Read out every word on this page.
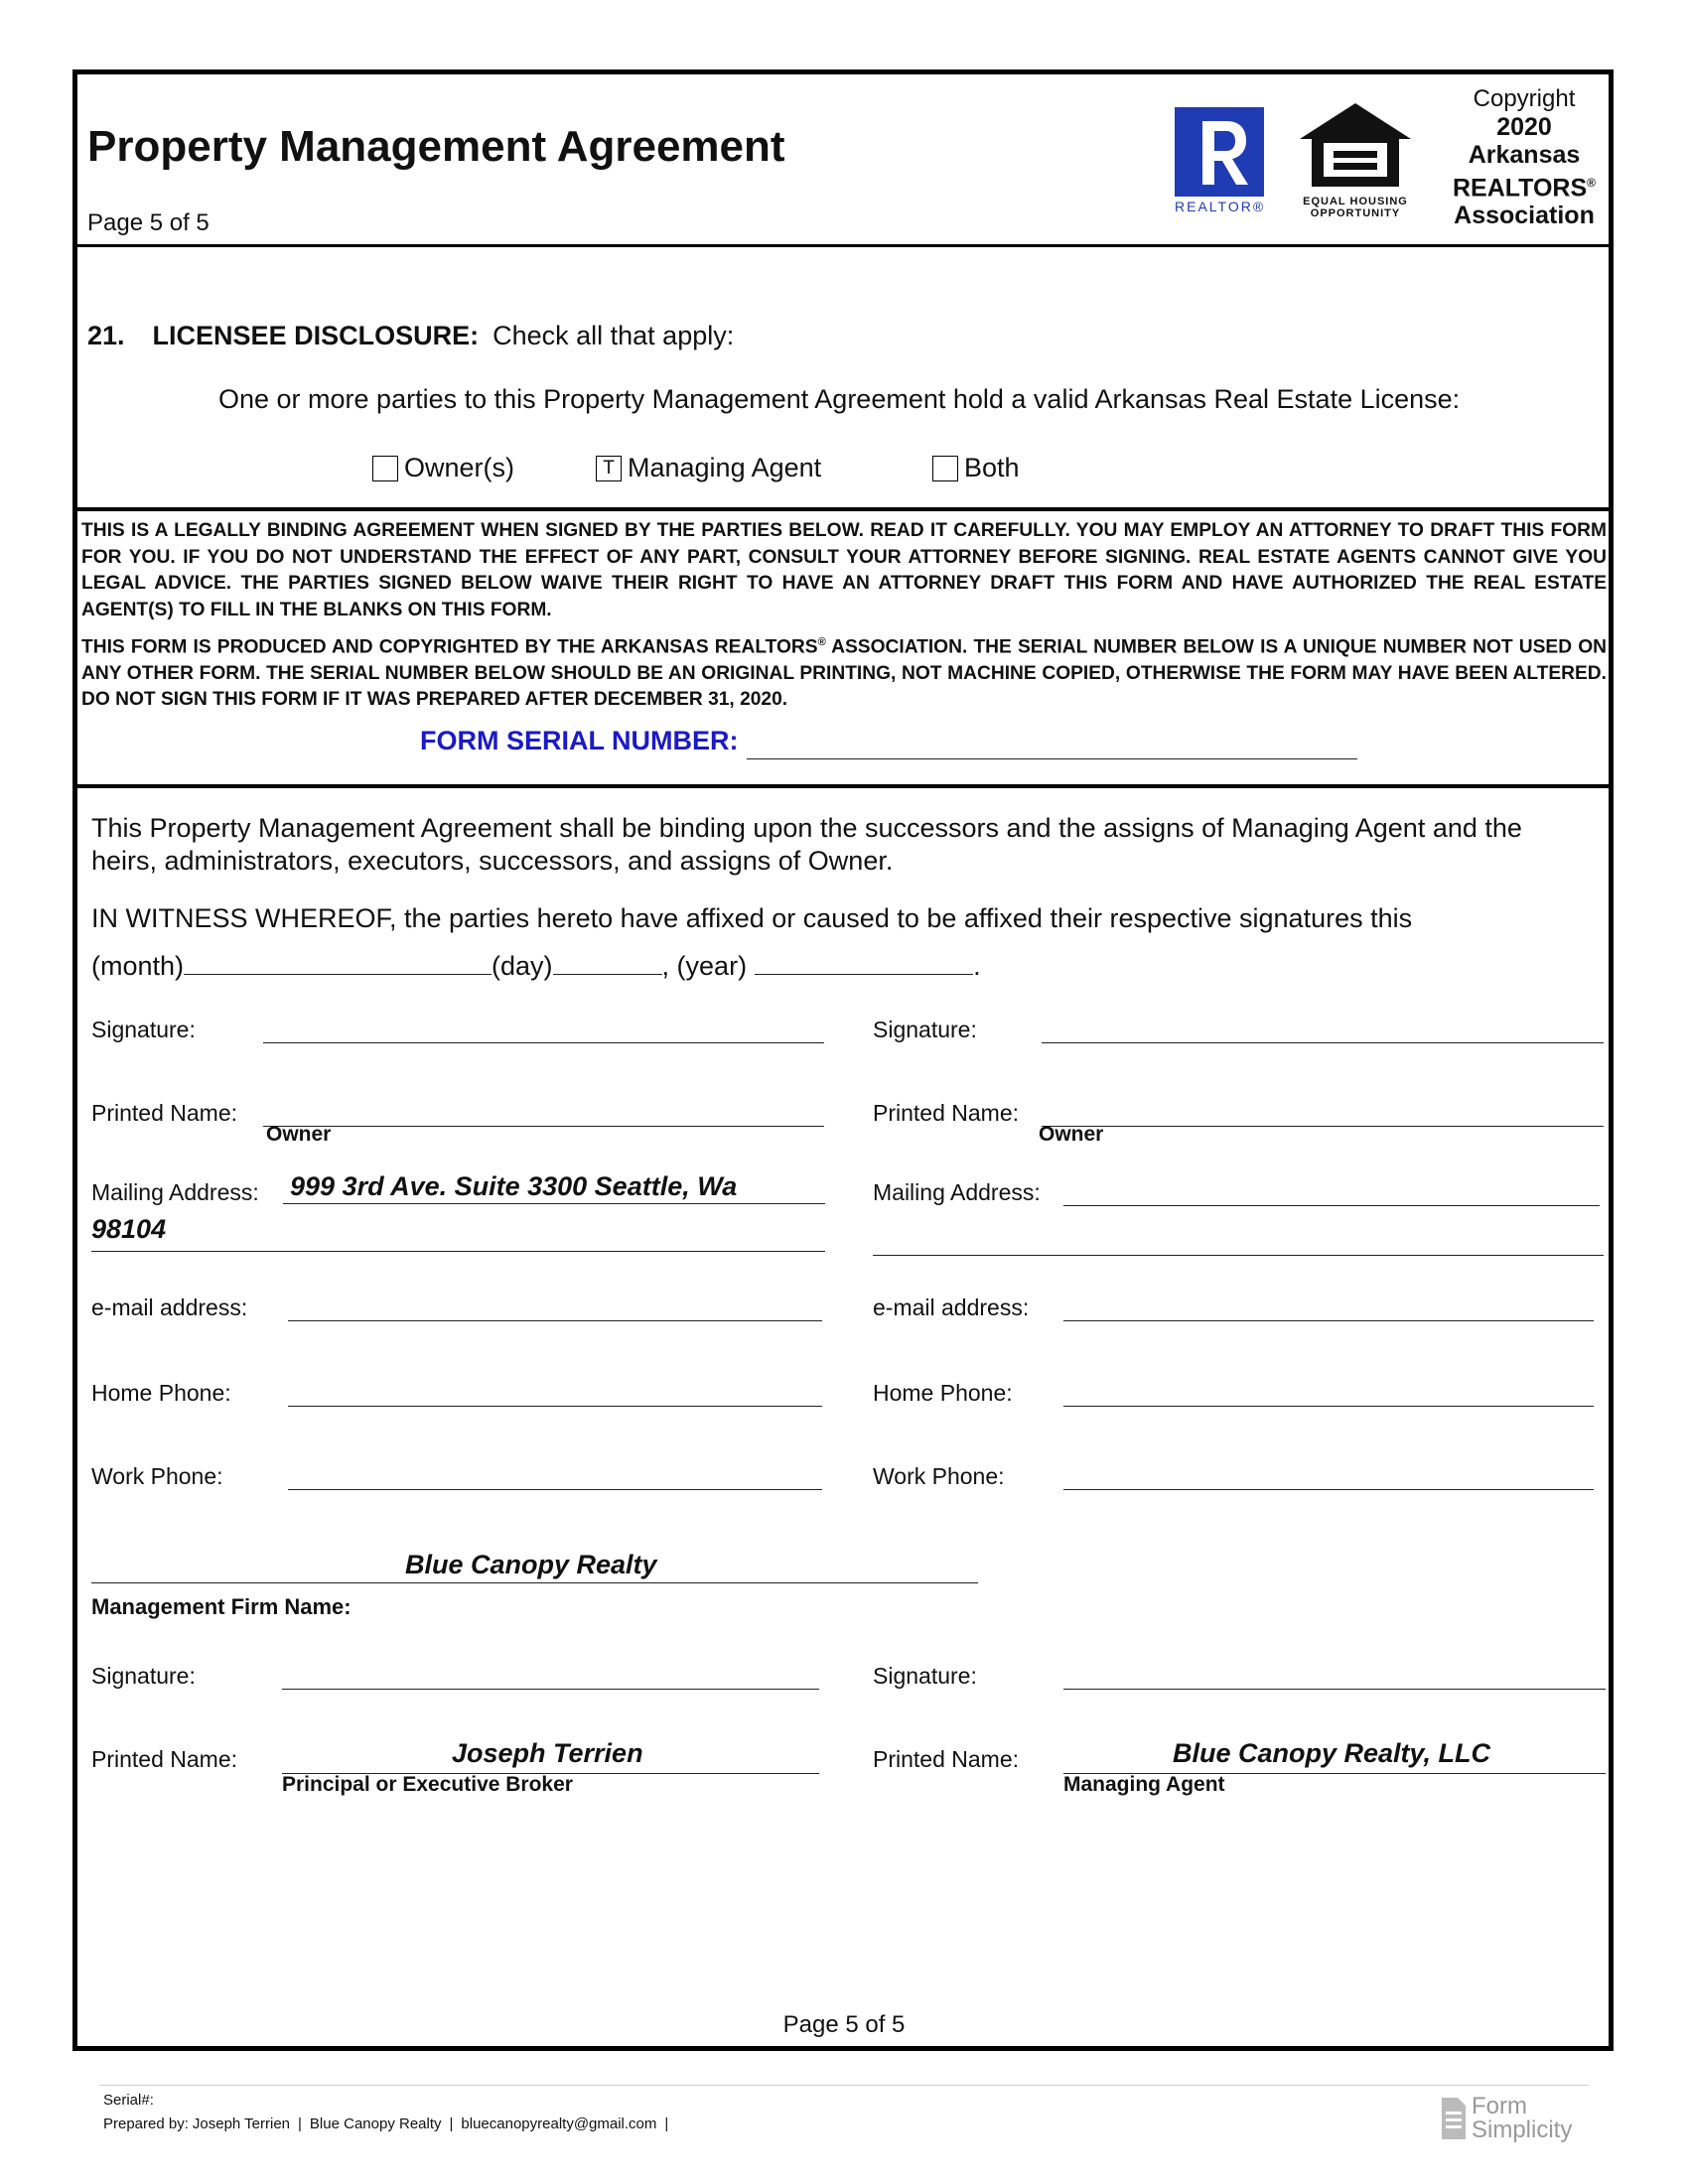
Property Management Agreement
Page 5 of 5
REALTOR®	EQUAL HOUSING
OPPORTUNITY
Copyright
2020
Arkansas
REALTORS®
Association
21. LICENSEE DISCLOSURE: Check all that apply:
One or more parties to this Property Management Agreement hold a valid Arkansas Real Estate License:
Owner(s)	T Managing Agent	Both

THIS IS A LEGALLY BINDING AGREEMENT WHEN SIGNED BY THE PARTIES BELOW. READ IT CAREFULLY. YOU MAY EMPLOY AN ATTORNEY TO DRAFT THIS FORM FOR YOU. IF YOU DO NOT UNDERSTAND THE EFFECT OF ANY PART, CONSULT YOUR ATTORNEY BEFORE SIGNING. REAL ESTATE AGENTS CANNOT GIVE YOU LEGAL ADVICE. THE PARTIES SIGNED BELOW WAIVE THEIR RIGHT TO HAVE AN ATTORNEY DRAFT THIS FORM AND HAVE AUTHORIZED THE REAL ESTATE AGENT(S) TO FILL IN THE BLANKS ON THIS FORM.

THIS FORM IS PRODUCED AND COPYRIGHTED BY THE ARKANSAS REALTORS® ASSOCIATION. THE SERIAL NUMBER BELOW IS A UNIQUE NUMBER NOT USED ON ANY OTHER FORM. THE SERIAL NUMBER BELOW SHOULD BE AN ORIGINAL PRINTING, NOT MACHINE COPIED, OTHERWISE THE FORM MAY HAVE BEEN ALTERED. DO NOT SIGN THIS FORM IF IT WAS PREPARED AFTER DECEMBER 31, 2020.

FORM SERIAL NUMBER:
This Property Management Agreement shall be binding upon the successors and the assigns of Managing Agent and the heirs, administrators, executors, successors, and assigns of Owner.
IN WITNESS WHEREOF, the parties hereto have affixed or caused to be affixed their respective signatures this
(month)	(day)	, (year)	.
Signature:
Printed Name:
Owner
Mailing Address: 999 3rd Ave. Suite 3300 Seattle, Wa
98104
e-mail address:
Home Phone:
Work Phone:
Signature:
Printed Name:
Owner
Mailing Address:
e-mail address:
Home Phone:
Work Phone:
Blue Canopy Realty
Management Firm Name:
Signature:	Signature:
Printed Name:	Joseph Terrien
Principal or Executive Broker
Printed Name:	Blue Canopy Realty, LLC
Managing Agent
Page 5 of 5
Serial#:
Prepared by: Joseph Terrien | Blue Canopy Realty | bluecanopyrealty@gmail.com |
Form
Simplicity
